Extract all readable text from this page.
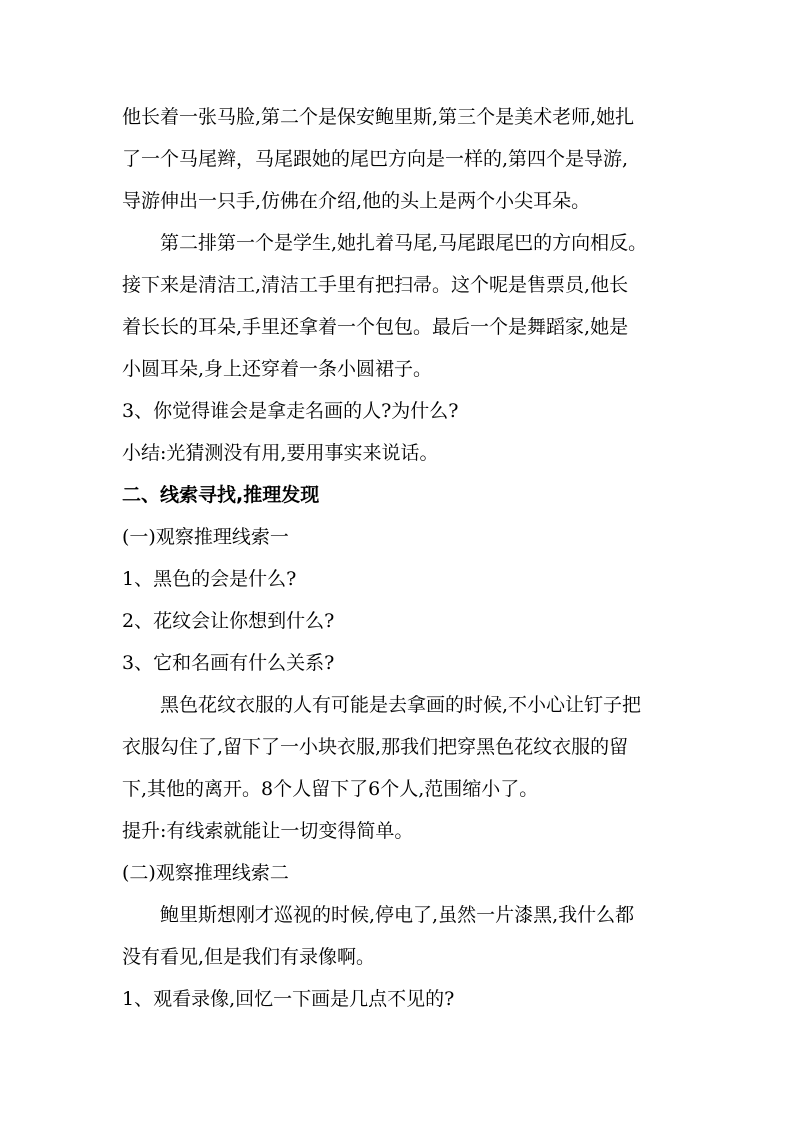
他长着一张马脸,第二个是保安鲍里斯,第三个是美术老师,她扎
了一个马尾辫，马尾跟她的尾巴方向是一样的,第四个是导游,
导游伸出一只手,仿佛在介绍,他的头上是两个小尖耳朵。
第二排第一个是学生,她扎着马尾,马尾跟尾巴的方向相反。
接下来是清洁工,清洁工手里有把扫帚。这个呢是售票员,他长
着长长的耳朵,手里还拿着一个包包。最后一个是舞蹈家,她是
小圆耳朵,身上还穿着一条小圆裙子。
3、你觉得谁会是拿走名画的人?为什么?
小结:光猜测没有用,要用事实来说话。
二、线索寻找,推理发现
(一)观察推理线索一
1、黑色的会是什么?
2、花纹会让你想到什么?
3、它和名画有什么关系?
黑色花纹衣服的人有可能是去拿画的时候,不小心让钉子把
衣服勾住了,留下了一小块衣服,那我们把穿黑色花纹衣服的留
下,其他的离开。8个人留下了6个人,范围缩小了。
提升:有线索就能让一切变得简单。
(二)观察推理线索二
鲍里斯想刚才巡视的时候,停电了,虽然一片漆黑,我什么都
没有看见,但是我们有录像啊。
1、观看录像,回忆一下画是几点不见的?
